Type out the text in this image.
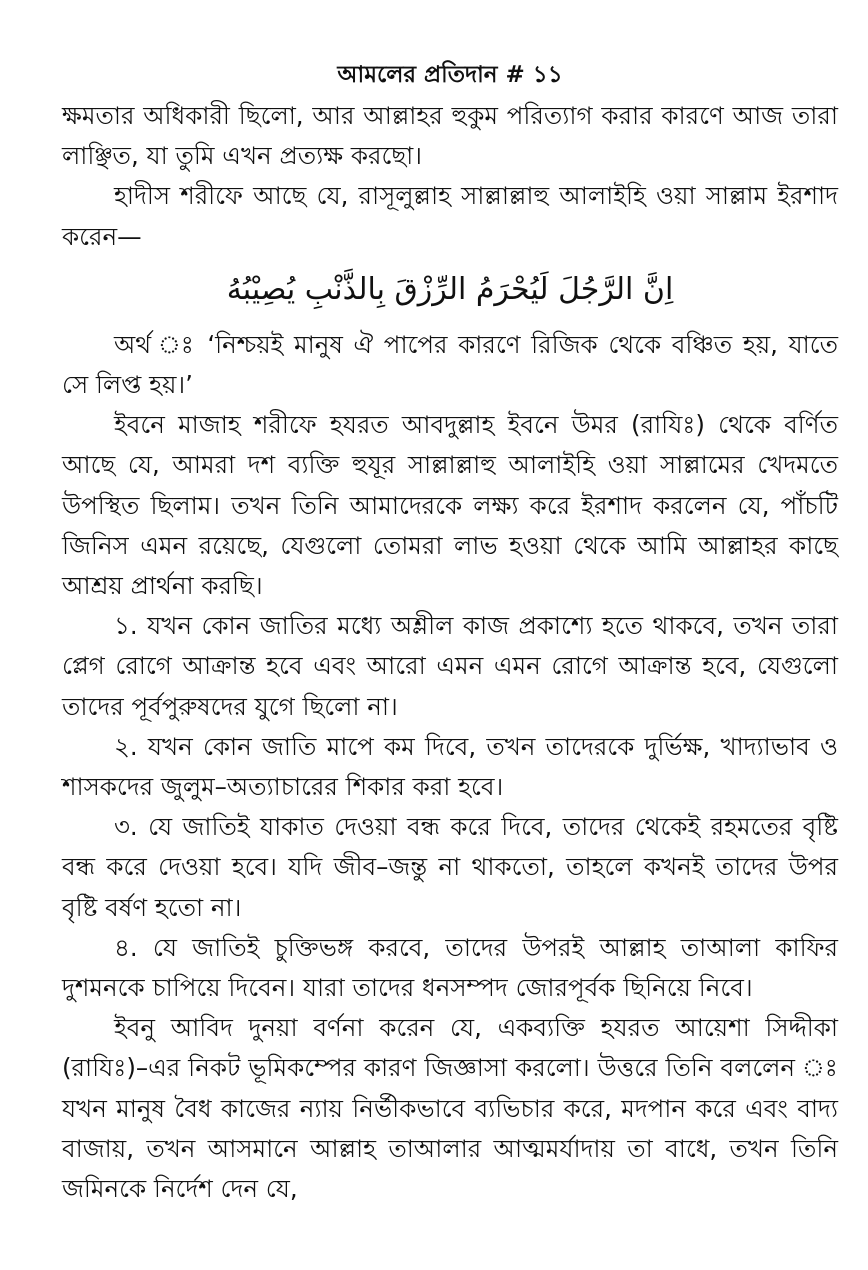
আমলের প্রতিদান # ১১

ক্ষমতার অধিকারী ছিলো, আর আল্লাহর হুকুম পরিত্যাগ করার কারণে আজ তারা লাঞ্ছিত, যা তুমি এখন প্রত্যক্ষ করছো।

হাদীস শরীফে আছে যে, রাসূলুল্লাহ সাল্লাল্লাহু আলাইহি ওয়া সাল্লাম ইরশাদ করেন—

اِنَّ الرَّجُلَ لَيُحْرَمُ الرِّزْقَ بِالذَّنْبِ يُصِيْبُهُ

অর্থ ঃ ‘নিশ্চয়ই মানুষ ঐ পাপের কারণে রিজিক থেকে বঞ্চিত হয়, যাতে সে লিপ্ত হয়।’

ইবনে মাজাহ শরীফে হযরত আবদুল্লাহ ইবনে উমর (রাযিঃ) থেকে বর্ণিত আছে যে, আমরা দশ ব্যক্তি হুযূর সাল্লাল্লাহু আলাইহি ওয়া সাল্লামের খেদমতে উপস্থিত ছিলাম। তখন তিনি আমাদেরকে লক্ষ্য করে ইরশাদ করলেন যে, পাঁচটি জিনিস এমন রয়েছে, যেগুলো তোমরা লাভ হওয়া থেকে আমি আল্লাহর কাছে আশ্রয় প্রার্থনা করছি।

১. যখন কোন জাতির মধ্যে অশ্লীল কাজ প্রকাশ্যে হতে থাকবে, তখন তারা প্লেগ রোগে আক্রান্ত হবে এবং আরো এমন এমন রোগে আক্রান্ত হবে, যেগুলো তাদের পূর্বপুরুষদের যুগে ছিলো না।

২. যখন কোন জাতি মাপে কম দিবে, তখন তাদেরকে দুর্ভিক্ষ, খাদ্যাভাব ও শাসকদের জুলুম–অত্যাচারের শিকার করা হবে।

৩. যে জাতিই যাকাত দেওয়া বন্ধ করে দিবে, তাদের থেকেই রহমতের বৃষ্টি বন্ধ করে দেওয়া হবে। যদি জীব–জন্তু না থাকতো, তাহলে কখনই তাদের উপর বৃষ্টি বর্ষণ হতো না।

৪. যে জাতিই চুক্তিভঙ্গ করবে, তাদের উপরই আল্লাহ তাআলা কাফির দুশমনকে চাপিয়ে দিবেন। যারা তাদের ধনসম্পদ জোরপূর্বক ছিনিয়ে নিবে।

ইবনু আবিদ দুনয়া বর্ণনা করেন যে, একব্যক্তি হযরত আয়েশা সিদ্দীকা (রাযিঃ)–এর নিকট ভূমিকম্পের কারণ জিজ্ঞাসা করলো। উত্তরে তিনি বললেন ঃ যখন মানুষ বৈধ কাজের ন্যায় নির্ভীকভাবে ব্যভিচার করে, মদপান করে এবং বাদ্য বাজায়, তখন আসমানে আল্লাহ তাআলার আত্মমর্যাদায় তা বাধে, তখন তিনি জমিনকে নির্দেশ দেন যে,
